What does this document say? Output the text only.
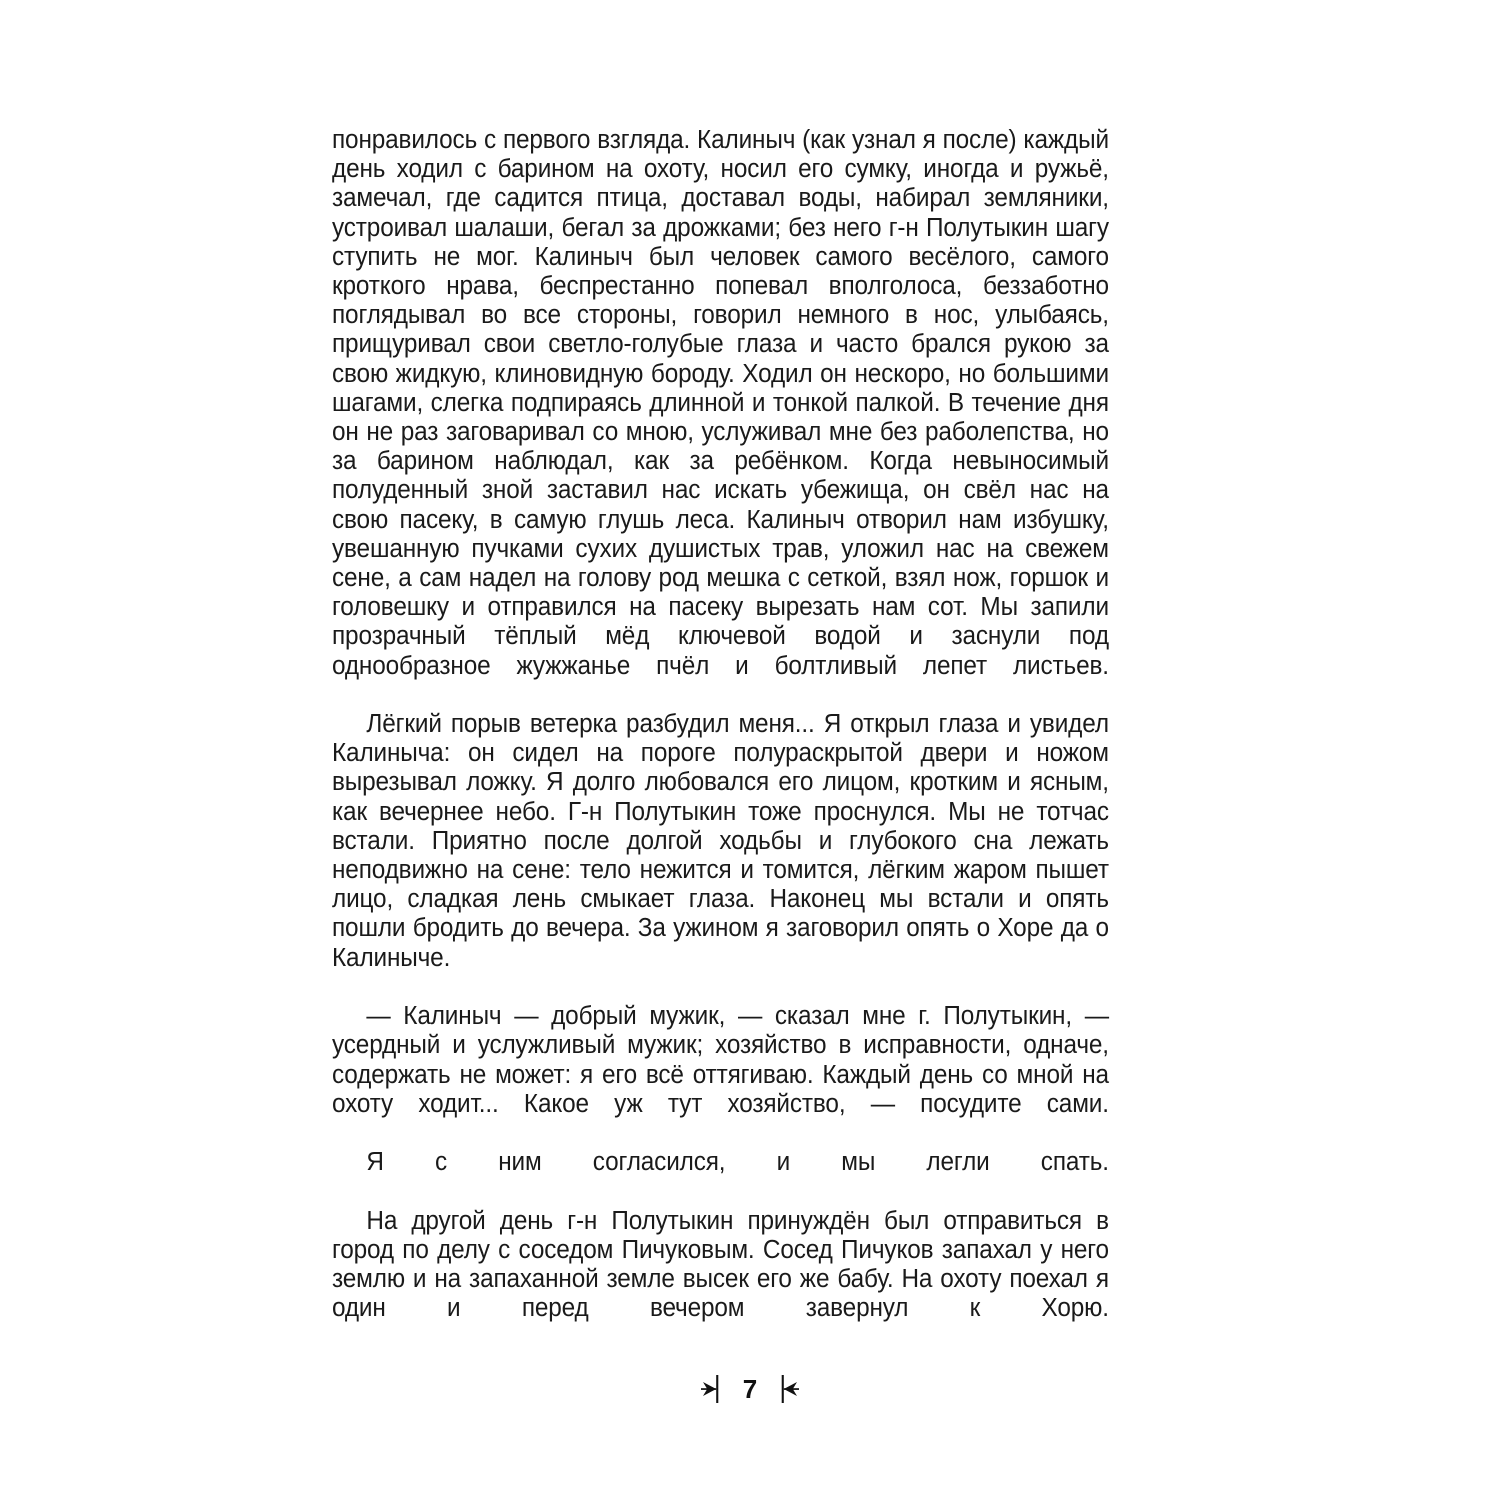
понравилось с первого взгляда. Калиныч (как узнал я после) каждый день ходил с барином на охоту, носил его сумку, иногда и ружьё, замечал, где садится птица, доставал воды, набирал земляники, устроивал шалаши, бегал за дрожками; без него г-н Полутыкин шагу ступить не мог. Калиныч был человек самого весёлого, самого кроткого нрава, беспрестанно попевал вполголоса, беззаботно поглядывал во все стороны, говорил немного в нос, улыбаясь, прищуривал свои светло-голубые глаза и часто брался рукою за свою жидкую, клиновидную бороду. Ходил он нескоро, но большими шагами, слегка подпираясь длинной и тонкой палкой. В течение дня он не раз заговаривал со мною, услуживал мне без раболепства, но за барином наблюдал, как за ребёнком. Когда невыносимый полуденный зной заставил нас искать убежища, он свёл нас на свою пасеку, в самую глушь леса. Калиныч отворил нам избушку, увешанную пучками сухих душистых трав, уложил нас на свежем сене, а сам надел на голову род мешка с сеткой, взял нож, горшок и головешку и отправился на пасеку вырезать нам сот. Мы запили прозрачный тёплый мёд ключевой водой и заснули под однообразное жужжанье пчёл и болтливый лепет листьев.

Лёгкий порыв ветерка разбудил меня... Я открыл глаза и увидел Калиныча: он сидел на пороге полураскрытой двери и ножом вырезывал ложку. Я долго любовался его лицом, кротким и ясным, как вечернее небо. Г-н Полутыкин тоже проснулся. Мы не тотчас встали. Приятно после долгой ходьбы и глубокого сна лежать неподвижно на сене: тело нежится и томится, лёгким жаром пышет лицо, сладкая лень смыкает глаза. Наконец мы встали и опять пошли бродить до вечера. За ужином я заговорил опять о Хоре да о Калиныче.

— Калиныч — добрый мужик, — сказал мне г. Полутыкин, — усердный и услужливый мужик; хозяйство в исправности, одначе, содержать не может: я его всё оттягиваю. Каждый день со мной на охоту ходит... Какое уж тут хозяйство, — посудите сами.

Я с ним согласился, и мы легли спать.

На другой день г-н Полутыкин принуждён был отправиться в город по делу с соседом Пичуковым. Сосед Пичуков запахал у него землю и на запаханной земле высек его же бабу. На охоту поехал я один и перед вечером завернул к Хорю.

7
